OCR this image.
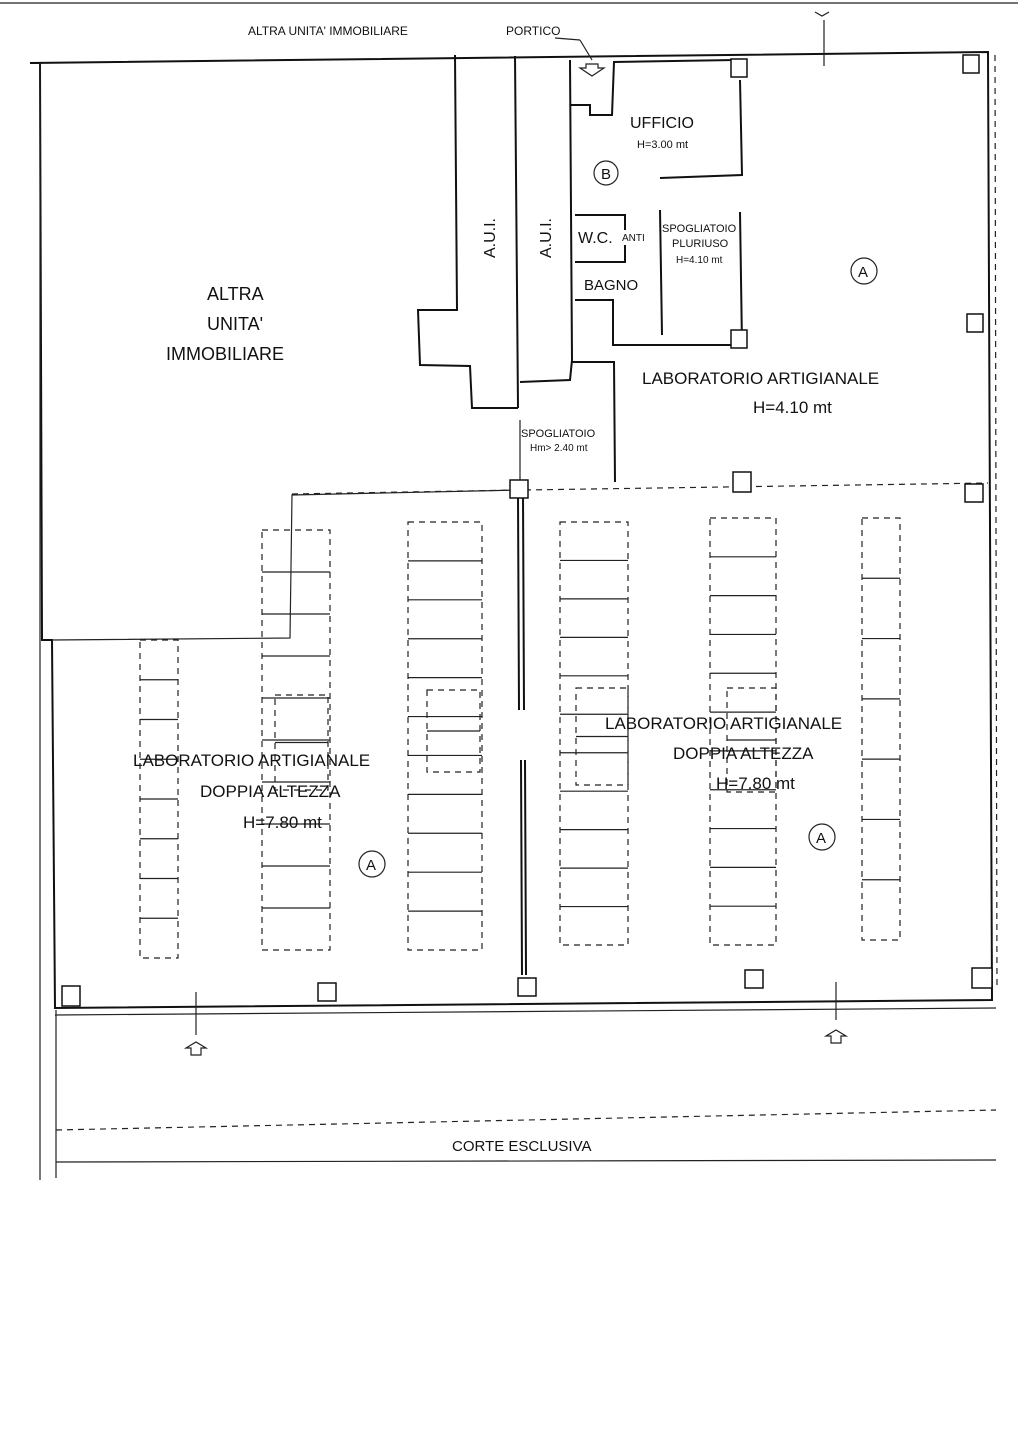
ALTRA UNITA' IMMOBILIARE	PORTICO
A.U.I. A.U.I.
UFFICIO
H=3.00 mt
B
W.C. ANTI
BAGNO
SPOGLIATOIO
PLURIUSO
H=4.10 mt
A
ALTRA
UNITA'
IMMOBILIARE
LABORATORIO ARTIGIANALE
H=4.10 mt
SPOGLIATOIO
Hm> 2.40 mt
LABORATORIO ARTIGIANALE
DOPPIA ALTEZZA
H=7.80 mt
A
LABORATORIO ARTIGIANALE
DOPPIA ALTEZZA
H=7.80 mt
A
CORTE ESCLUSIVA
